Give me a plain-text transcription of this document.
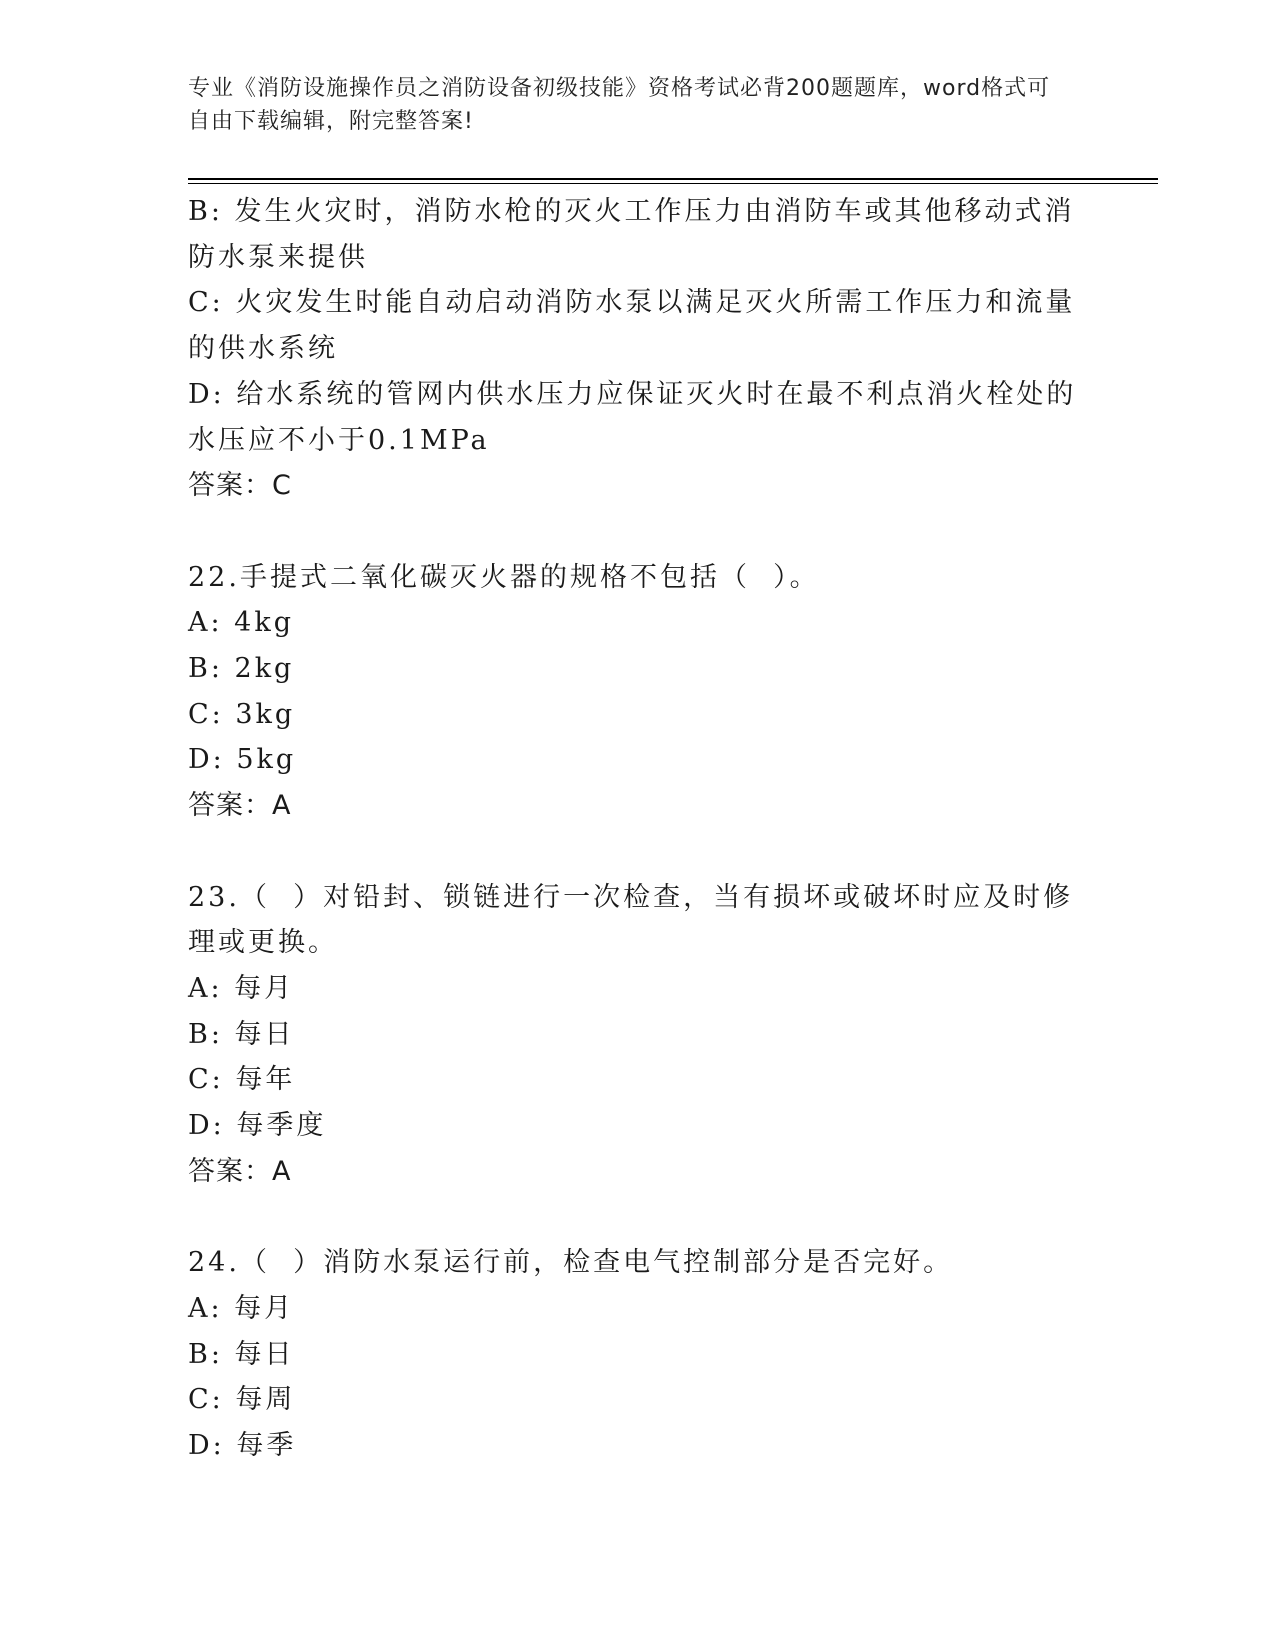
专业《消防设施操作员之消防设备初级技能》资格考试必背200题题库，word格式可自由下载编辑，附完整答案!

B: 发生火灾时，消防水枪的灭火工作压力由消防车或其他移动式消防水泵来提供

C: 火灾发生时能自动启动消防水泵以满足灭火所需工作压力和流量的供水系统

D: 给水系统的管网内供水压力应保证灭火时在最不利点消火栓处的水压应不小于0.1MPa

答案：C

22.手提式二氧化碳灭火器的规格不包括（  ）。

A: 4kg

B: 2kg

C: 3kg

D: 5kg

答案：A

23.（  ）对铅封、锁链进行一次检查，当有损坏或破坏时应及时修理或更换。

A: 每月

B: 每日

C: 每年

D: 每季度

答案：A

24.（  ）消防水泵运行前，检查电气控制部分是否完好。

A: 每月

B: 每日

C: 每周

D: 每季
